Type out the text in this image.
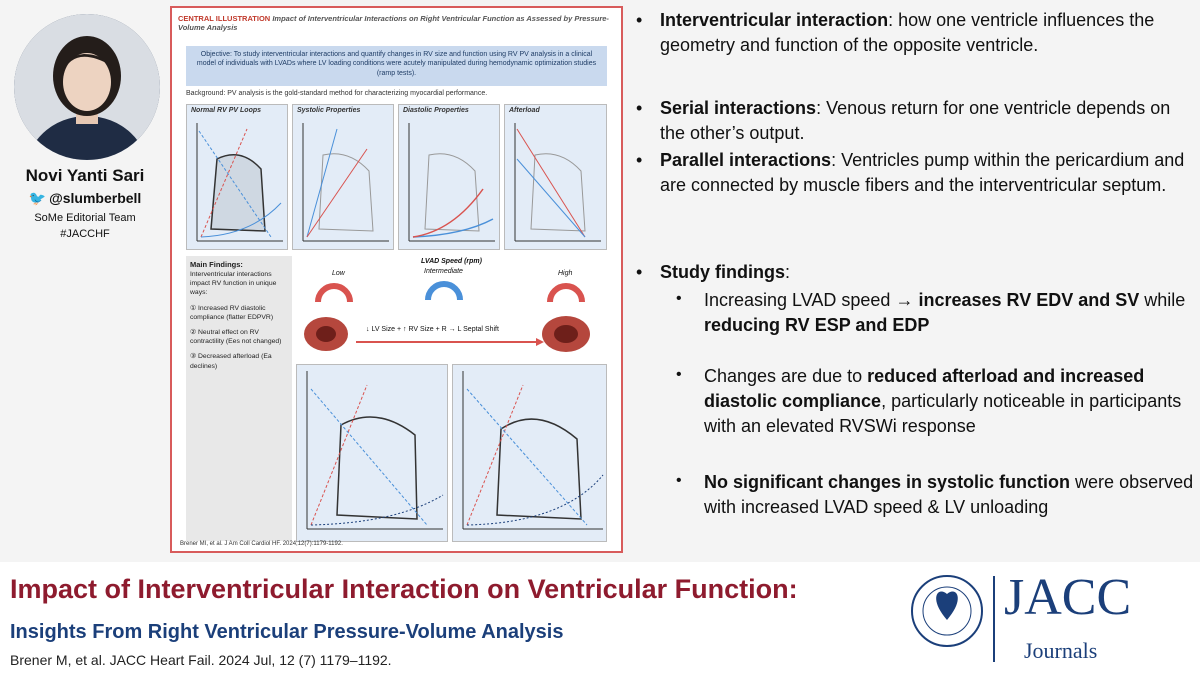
Novi Yanti Sari
🐦 @slumberbell
SoMe Editorial Team
#JACCHF
CENTRAL ILLUSTRATION Impact of Interventricular Interactions on Right Ventricular Function as Assessed by Pressure-Volume Analysis
Objective: To study interventricular interactions and quantify changes in RV size and function using RV PV analysis in a clinical model of individuals with LVADs where LV loading conditions were acutely manipulated during hemodynamic optimization studies (ramp tests).
Background: PV analysis is the gold-standard method for characterizing myocardial performance.
Normal RV PV Loops	Systolic Properties	Diastolic Properties	Afterload
Main Findings:
Interventricular interactions impact RV function in unique ways:
① Increased RV diastolic compliance (flatter EDPVR)
② Neutral effect on RV contractility (Ees not changed)
③ Decreased afterload (Ea declines)
LVAD Speed (rpm)
Low	Intermediate	High
↓ LV Size + ↑ RV Size + R → L Septal Shift
Brener MI, et al. J Am Coll Cardiol HF. 2024;12(7):1179-1192.
• Interventricular interaction: how one ventricle influences the geometry and function of the opposite ventricle.
• Serial interactions: Venous return for one ventricle depends on the other’s output.
• Parallel interactions: Ventricles pump within the pericardium and are connected by muscle fibers and the interventricular septum.
• Study findings:
• Increasing LVAD speed → increases RV EDV and SV while reducing RV ESP and EDP
• Changes are due to reduced afterload and increased diastolic compliance, particularly noticeable in participants with an elevated RVSWi response
• No significant changes in systolic function were observed with increased LVAD speed & LV unloading
Impact of Interventricular Interaction on Ventricular Function:
Insights From Right Ventricular Pressure-Volume Analysis
Brener M, et al. JACC Heart Fail. 2024 Jul, 12 (7) 1179–1192.
JACC
Journals
